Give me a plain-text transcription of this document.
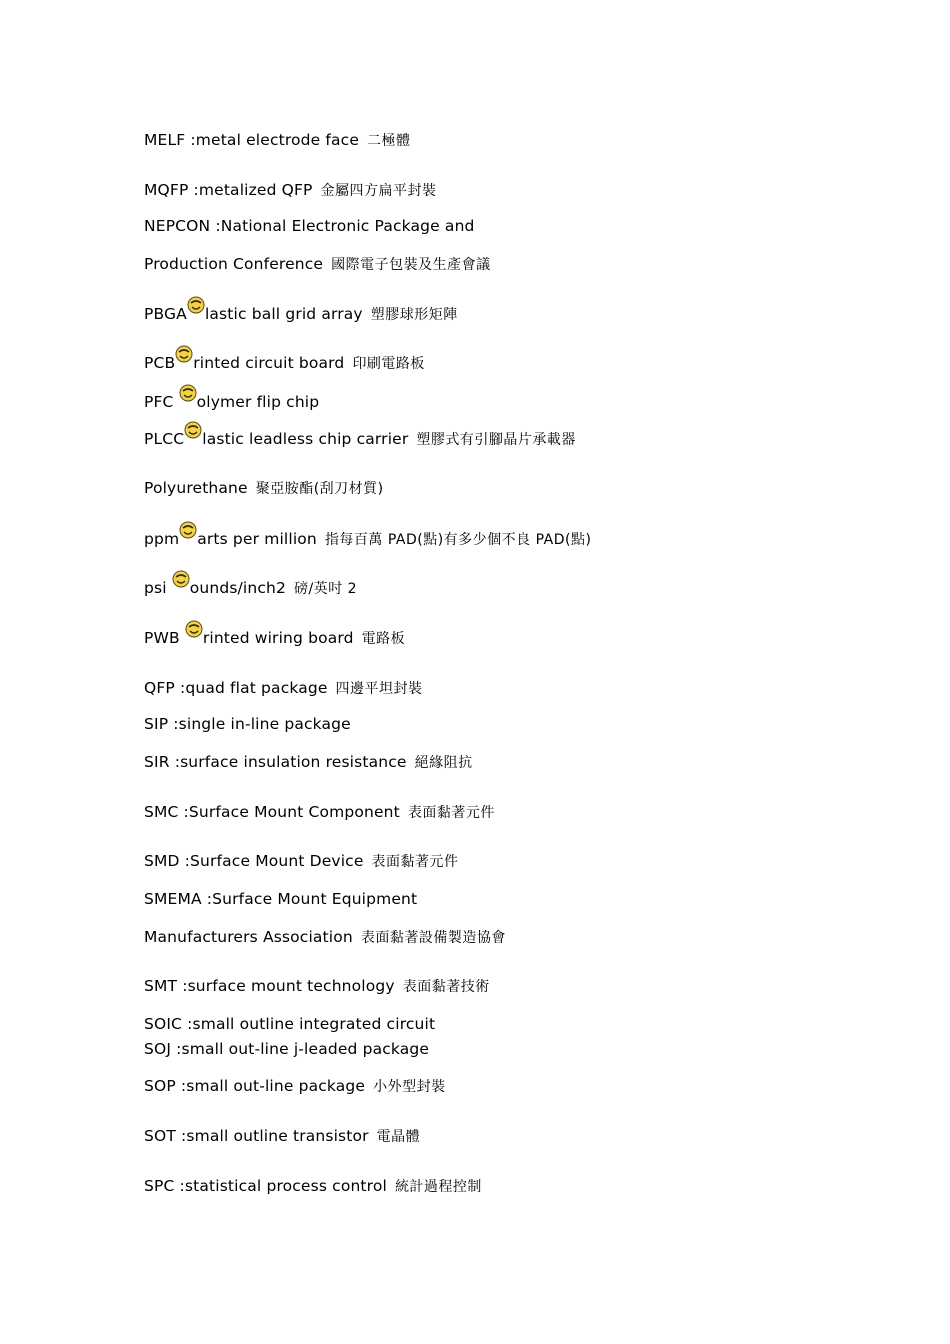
MELF :metal electrode face 二極體
MQFP :metalized QFP 金屬四方扁平封裝
NEPCON :National Electronic Package and
Production Conference 國際電子包裝及生產會議
PBGA lastic ball grid array 塑膠球形矩陣
PCB rinted circuit board 印刷電路板
PFC
olymer flip chip
PLCC lastic leadless chip carrier 塑膠式有引腳晶片承載器
Polyurethane 聚亞胺酯(刮刀材質)
ppm arts per million 指每百萬 PAD(點)有多少個不良 PAD(點)
psi
ounds/inch2 磅/英吋 2
PWB
rinted wiring board 電路板
QFP :quad flat package 四邊平坦封裝
SIP :single in-line package
SIR :surface insulation resistance 絕緣阻抗
SMC :Surface Mount Component 表面黏著元件
SMD :Surface Mount Device 表面黏著元件
SMEMA :Surface Mount Equipment
Manufacturers Association 表面黏著設備製造協會
SMT :surface mount technology 表面黏著技術
SOIC :small outline integrated circuit
SOJ :small out-line j-leaded package
SOP :small out-line package 小外型封裝
SOT :small outline transistor 電晶體
SPC :statistical process control 統計過程控制
